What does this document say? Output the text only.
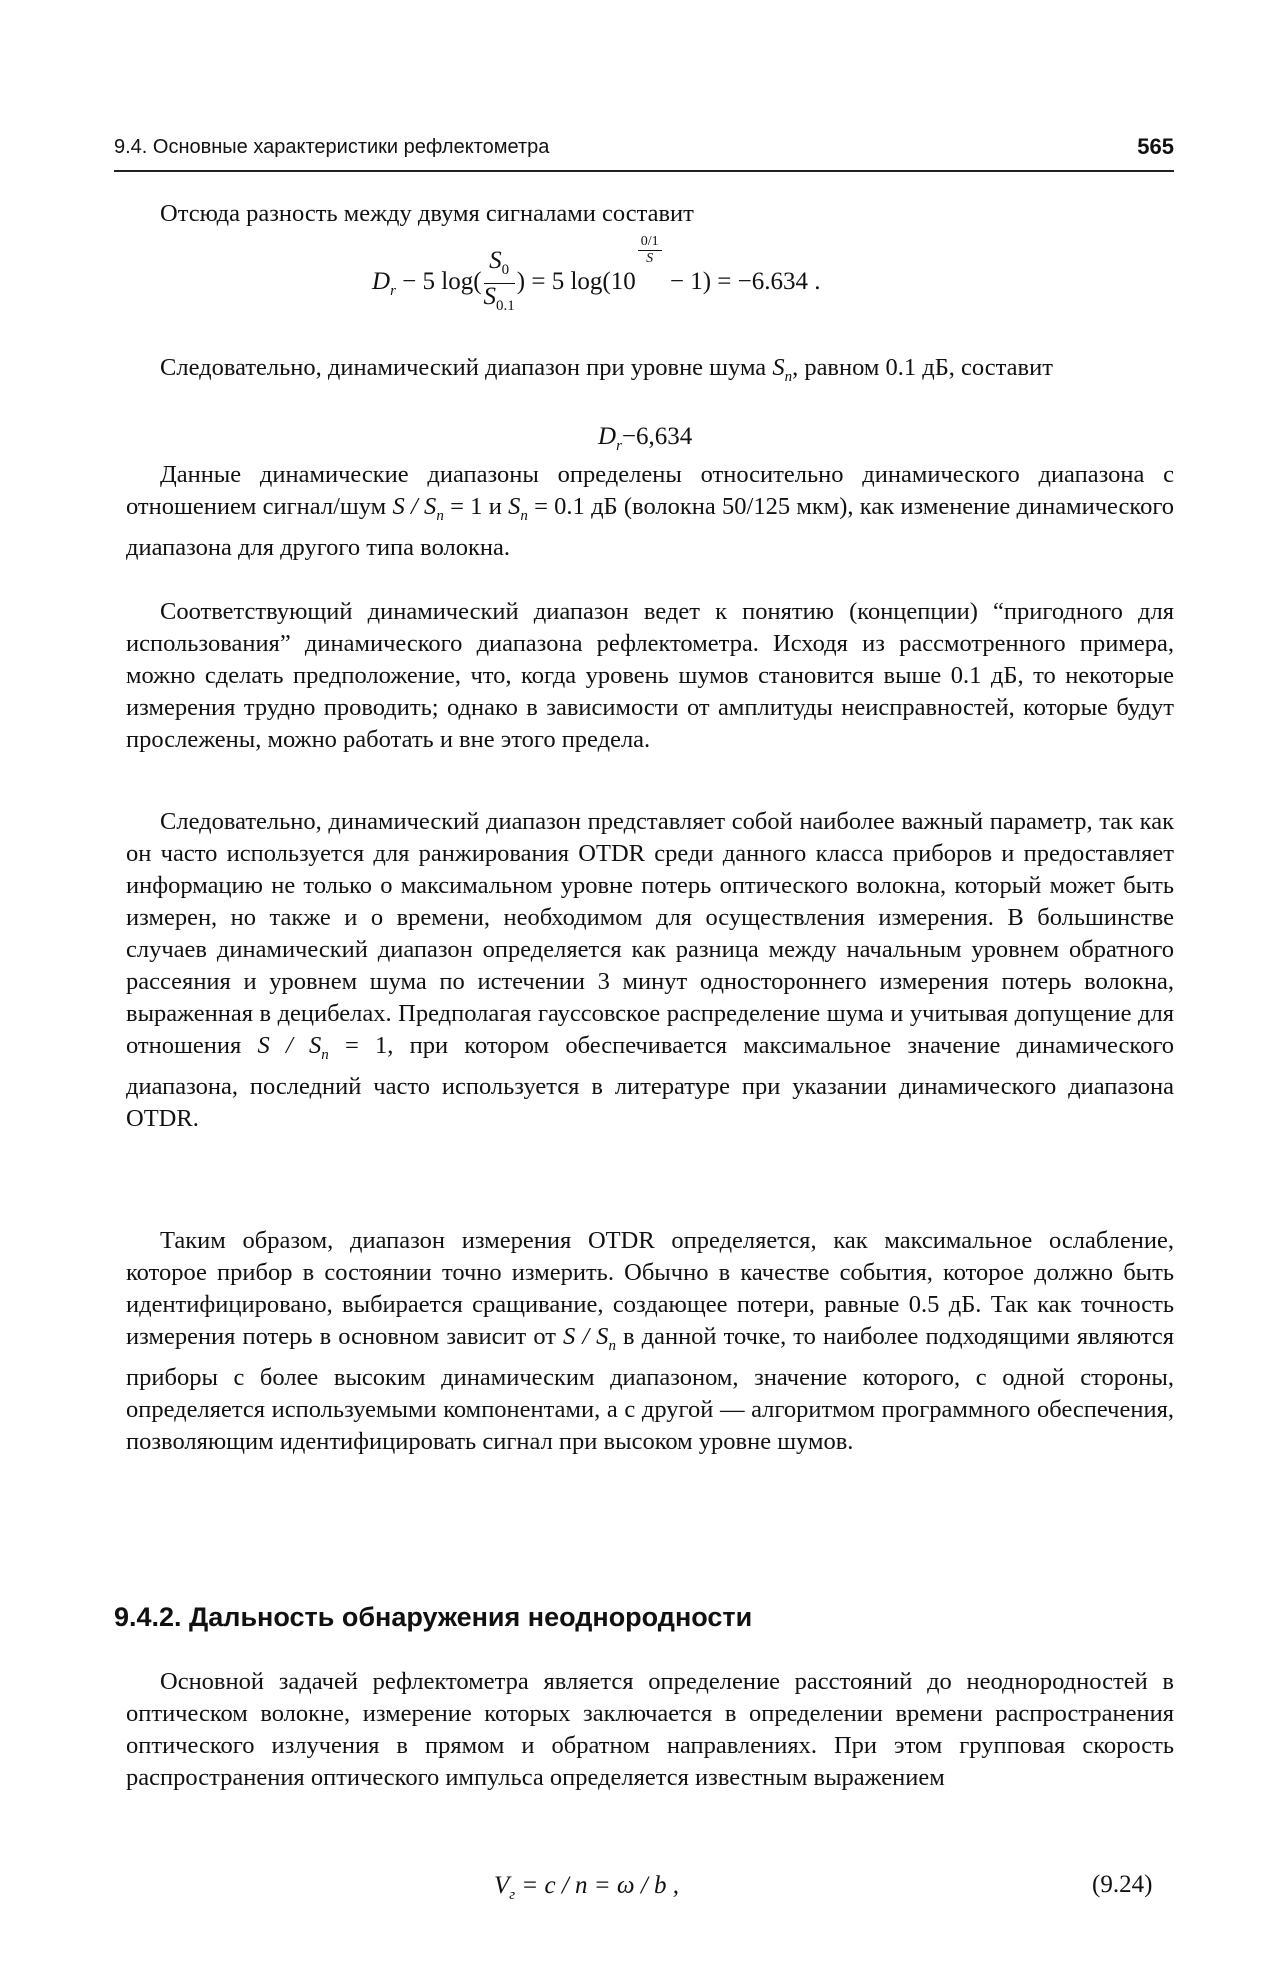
9.4. Основные характеристики рефлектометра	565

Отсюда разность между двумя сигналами составит

$D_r - 5$ $\log( \frac{S_0}{S_{0.1}}$ ) = 5 log(10
$^{\frac{0/1}{S}}$
− 1) = −6.634 .

Следовательно, динамический диапазон при уровне шума $S_n$, равном 0.1 дБ, составит

$D_r-6,634$

Данные динамические диапазоны определены относительно динамического диапазона с отношением сигнал/шум $S / S_n = 1$ и $S_n = 0.1$ дБ (волокна 50/125 мкм), как изменение динамического диапазона для другого типа волокна.

Соответствующий динамический диапазон ведет к понятию (концепции) “пригодного для использования” динамического диапазона рефлектометра. Исходя из рассмотренного примера, можно сделать предположение, что, когда уровень шумов становится выше 0.1 дБ, то некоторые измерения трудно проводить; однако в зависимости от амплитуды неисправностей, которые будут прослежены, можно работать и вне этого предела.

Следовательно, динамический диапазон представляет собой наиболее важный параметр, так как он часто используется для ранжирования OTDR среди данного класса приборов и предоставляет информацию не только о максимальном уровне потерь оптического волокна, который может быть измерен, но также и о времени, необходимом для осуществления измерения. В большинстве случаев динамический диапазон определяется как разница между начальным уровнем обратного рассеяния и уровнем шума по истечении 3 минут одностороннего измерения потерь волокна, выраженная в децибелах. Предполагая гауссовское распределение шума и учитывая допущение для отношения $S / S_n = 1$, при котором обеспечивается максимальное значение динамического диапазона, последний часто используется в литературе при указании динамического диапазона OTDR.

Таким образом, диапазон измерения OTDR определяется, как максимальное ослабление, которое прибор в состоянии точно измерить. Обычно в качестве события, которое должно быть идентифицировано, выбирается сращивание, создающее потери, равные 0.5 дБ. Так как точность измерения потерь в основном зависит от S / $S_n$ в данной точке, то наиболее подходящими являются приборы с более высоким динамическим диапазоном, значение которого, с одной стороны, определяется используемыми компонентами, а с другой — алгоритмом программного обеспечения, позволяющим идентифицировать сигнал при высоком уровне шумов.

9.4.2. Дальность обнаружения неоднородности

Основной задачей рефлектометра является определение расстояний до неоднородностей в оптическом волокне, измерение которых заключается в определении времени распространения оптического излучения в прямом и обратном направлениях. При этом групповая скорость распространения оптического импульса определяется известным выражением

$V_г = c / n = \omega / b$ ,	(9.24)
